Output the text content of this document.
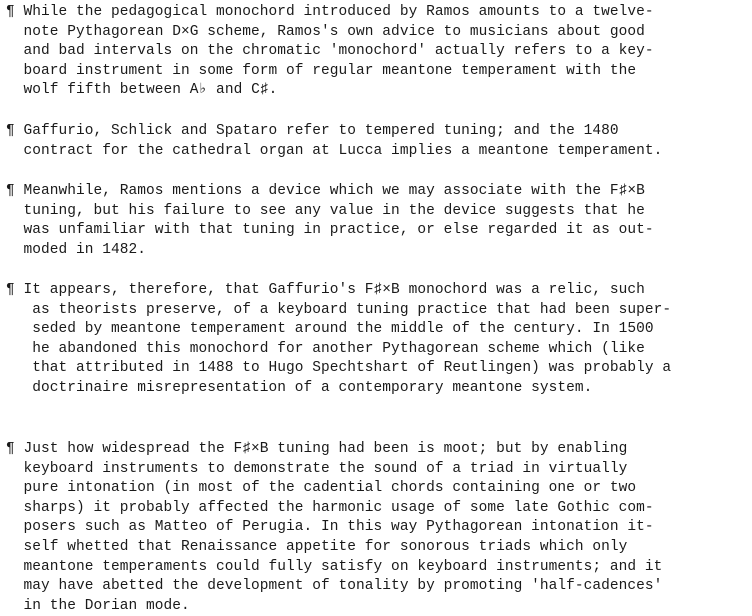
¶ While the pedagogical monochord introduced by Ramos amounts to a twelve-
note Pythagorean D×G scheme, Ramos's own advice to musicians about good
and bad intervals on the chromatic 'monochord' actually refers to a key-
board instrument in some form of regular meantone temperament with the
wolf fifth between A♭ and C♯.
¶ Gaffurio, Schlick and Spataro refer to tempered tuning; and the 1480
contract for the cathedral organ at Lucca implies a meantone temperament.
¶ Meanwhile, Ramos mentions a device which we may associate with the F♯×B
tuning, but his failure to see any value in the device suggests that he
was unfamiliar with that tuning in practice, or else regarded it as out-
moded in 1482.
¶ It appears, therefore, that Gaffurio's F♯×B monochord was a relic, such
as theorists preserve, of a keyboard tuning practice that had been super-
seded by meantone temperament around the middle of the century. In 1500
he abandoned this monochord for another Pythagorean scheme which (like
that attributed in 1488 to Hugo Spechtshart of Reutlingen) was probably a
doctrinaire misrepresentation of a contemporary meantone system.
¶ Just how widespread the F♯×B tuning had been is moot; but by enabling
keyboard instruments to demonstrate the sound of a triad in virtually
pure intonation (in most of the cadential chords containing one or two
sharps) it probably affected the harmonic usage of some late Gothic com-
posers such as Matteo of Perugia. In this way Pythagorean intonation it-
self whetted that Renaissance appetite for sonorous triads which only
meantone temperaments could fully satisfy on keyboard instruments; and it
may have abetted the development of tonality by promoting 'half-cadences'
in the Dorian mode.
